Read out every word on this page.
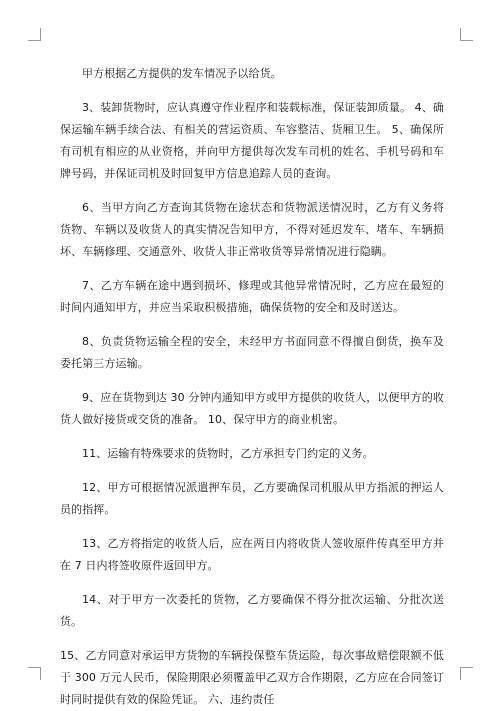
甲方根据乙方提供的发车情况予以给货。

3、装卸货物时，应认真遵守作业程序和装载标准，保证装卸质量。 4、确保运输车辆手续合法、有相关的营运资质、车容整洁、货厢卫生。 5、确保所有司机有相应的从业资格，并向甲方提供每次发车司机的姓名、手机号码和车牌号码，并保证司机及时回复甲方信息追踪人员的查询。

6、当甲方向乙方查询其货物在途状态和货物派送情况时，乙方有义务将货物、车辆以及收货人的真实情况告知甲方，不得对延迟发车、堵车、车辆损坏、车辆修理、交通意外、收货人非正常收货等异常情况进行隐瞒。

7、乙方车辆在途中遇到损坏、修理或其他异常情况时，乙方应在最短的时间内通知甲方，并应当采取积极措施，确保货物的安全和及时送达。

8、负责货物运输全程的安全，未经甲方书面同意不得擅自倒货，换车及委托第三方运输。

9、应在货物到达 30 分钟内通知甲方或甲方提供的收货人，以便甲方的收货人做好接货或交货的准备。 10、保守甲方的商业机密。

11、运输有特殊要求的货物时，乙方承担专门约定的义务。

12、甲方可根据情况派遣押车员，乙方要确保司机服从甲方指派的押运人员的指挥。

13、乙方将指定的收货人后，应在两日内将收货人签收原件传真至甲方并在 7 日内将签收原件返回甲方。

14、对于甲方一次委托的货物，乙方要确保不得分批次运输、分批次送货。

15、乙方同意对承运甲方货物的车辆投保整车货运险，每次事故赔偿限额不低于 300 万元人民币，保险期限必须覆盖甲乙双方合作期限，乙方应在合同签订时同时提供有效的保险凭证。 六、违约责任
